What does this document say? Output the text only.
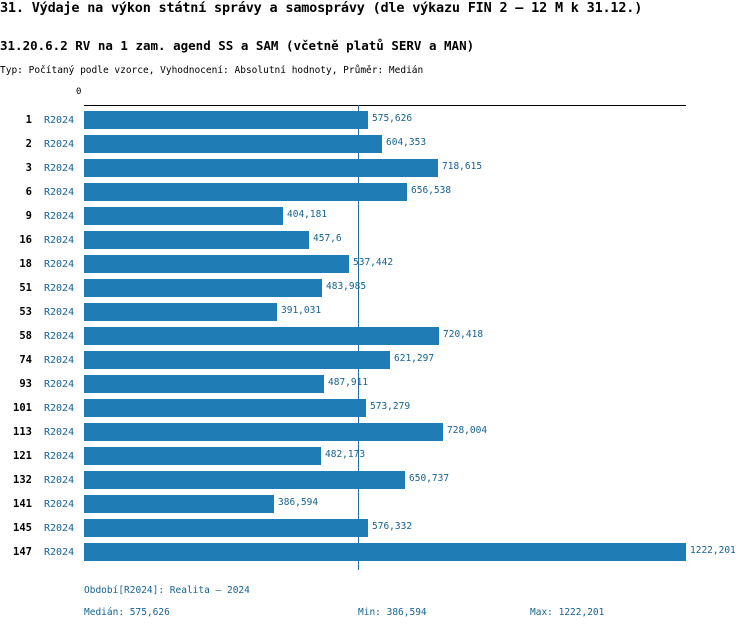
31. Výdaje na výkon státní správy a samosprávy (dle výkazu FIN 2 – 12 M k 31.12.)
31.20.6.2 RV na 1 zam. agend SS a SAM (včetně platů SERV a MAN)
Typ: Počítaný podle vzorce, Vyhodnocení: Absolutní hodnoty, Průměr: Medián
0
1 R2024	575,626
2 R2024	604,353
3 R2024	718,615
6 R2024	656,538
9 R2024	404,181
16 R2024	457,6
18 R2024	537,442
51 R2024	483,985
53 R2024	391,031
58 R2024	720,418
74 R2024	621,297
93 R2024	487,911
101 R2024	573,279
113 R2024	728,004
121 R2024	482,173
132 R2024	650,737
141 R2024	386,594
145 R2024	576,332
147 R2024	1222,201
Období[R2024]: Realita – 2024
Medián: 575,626	Min: 386,594	Max: 1222,201
